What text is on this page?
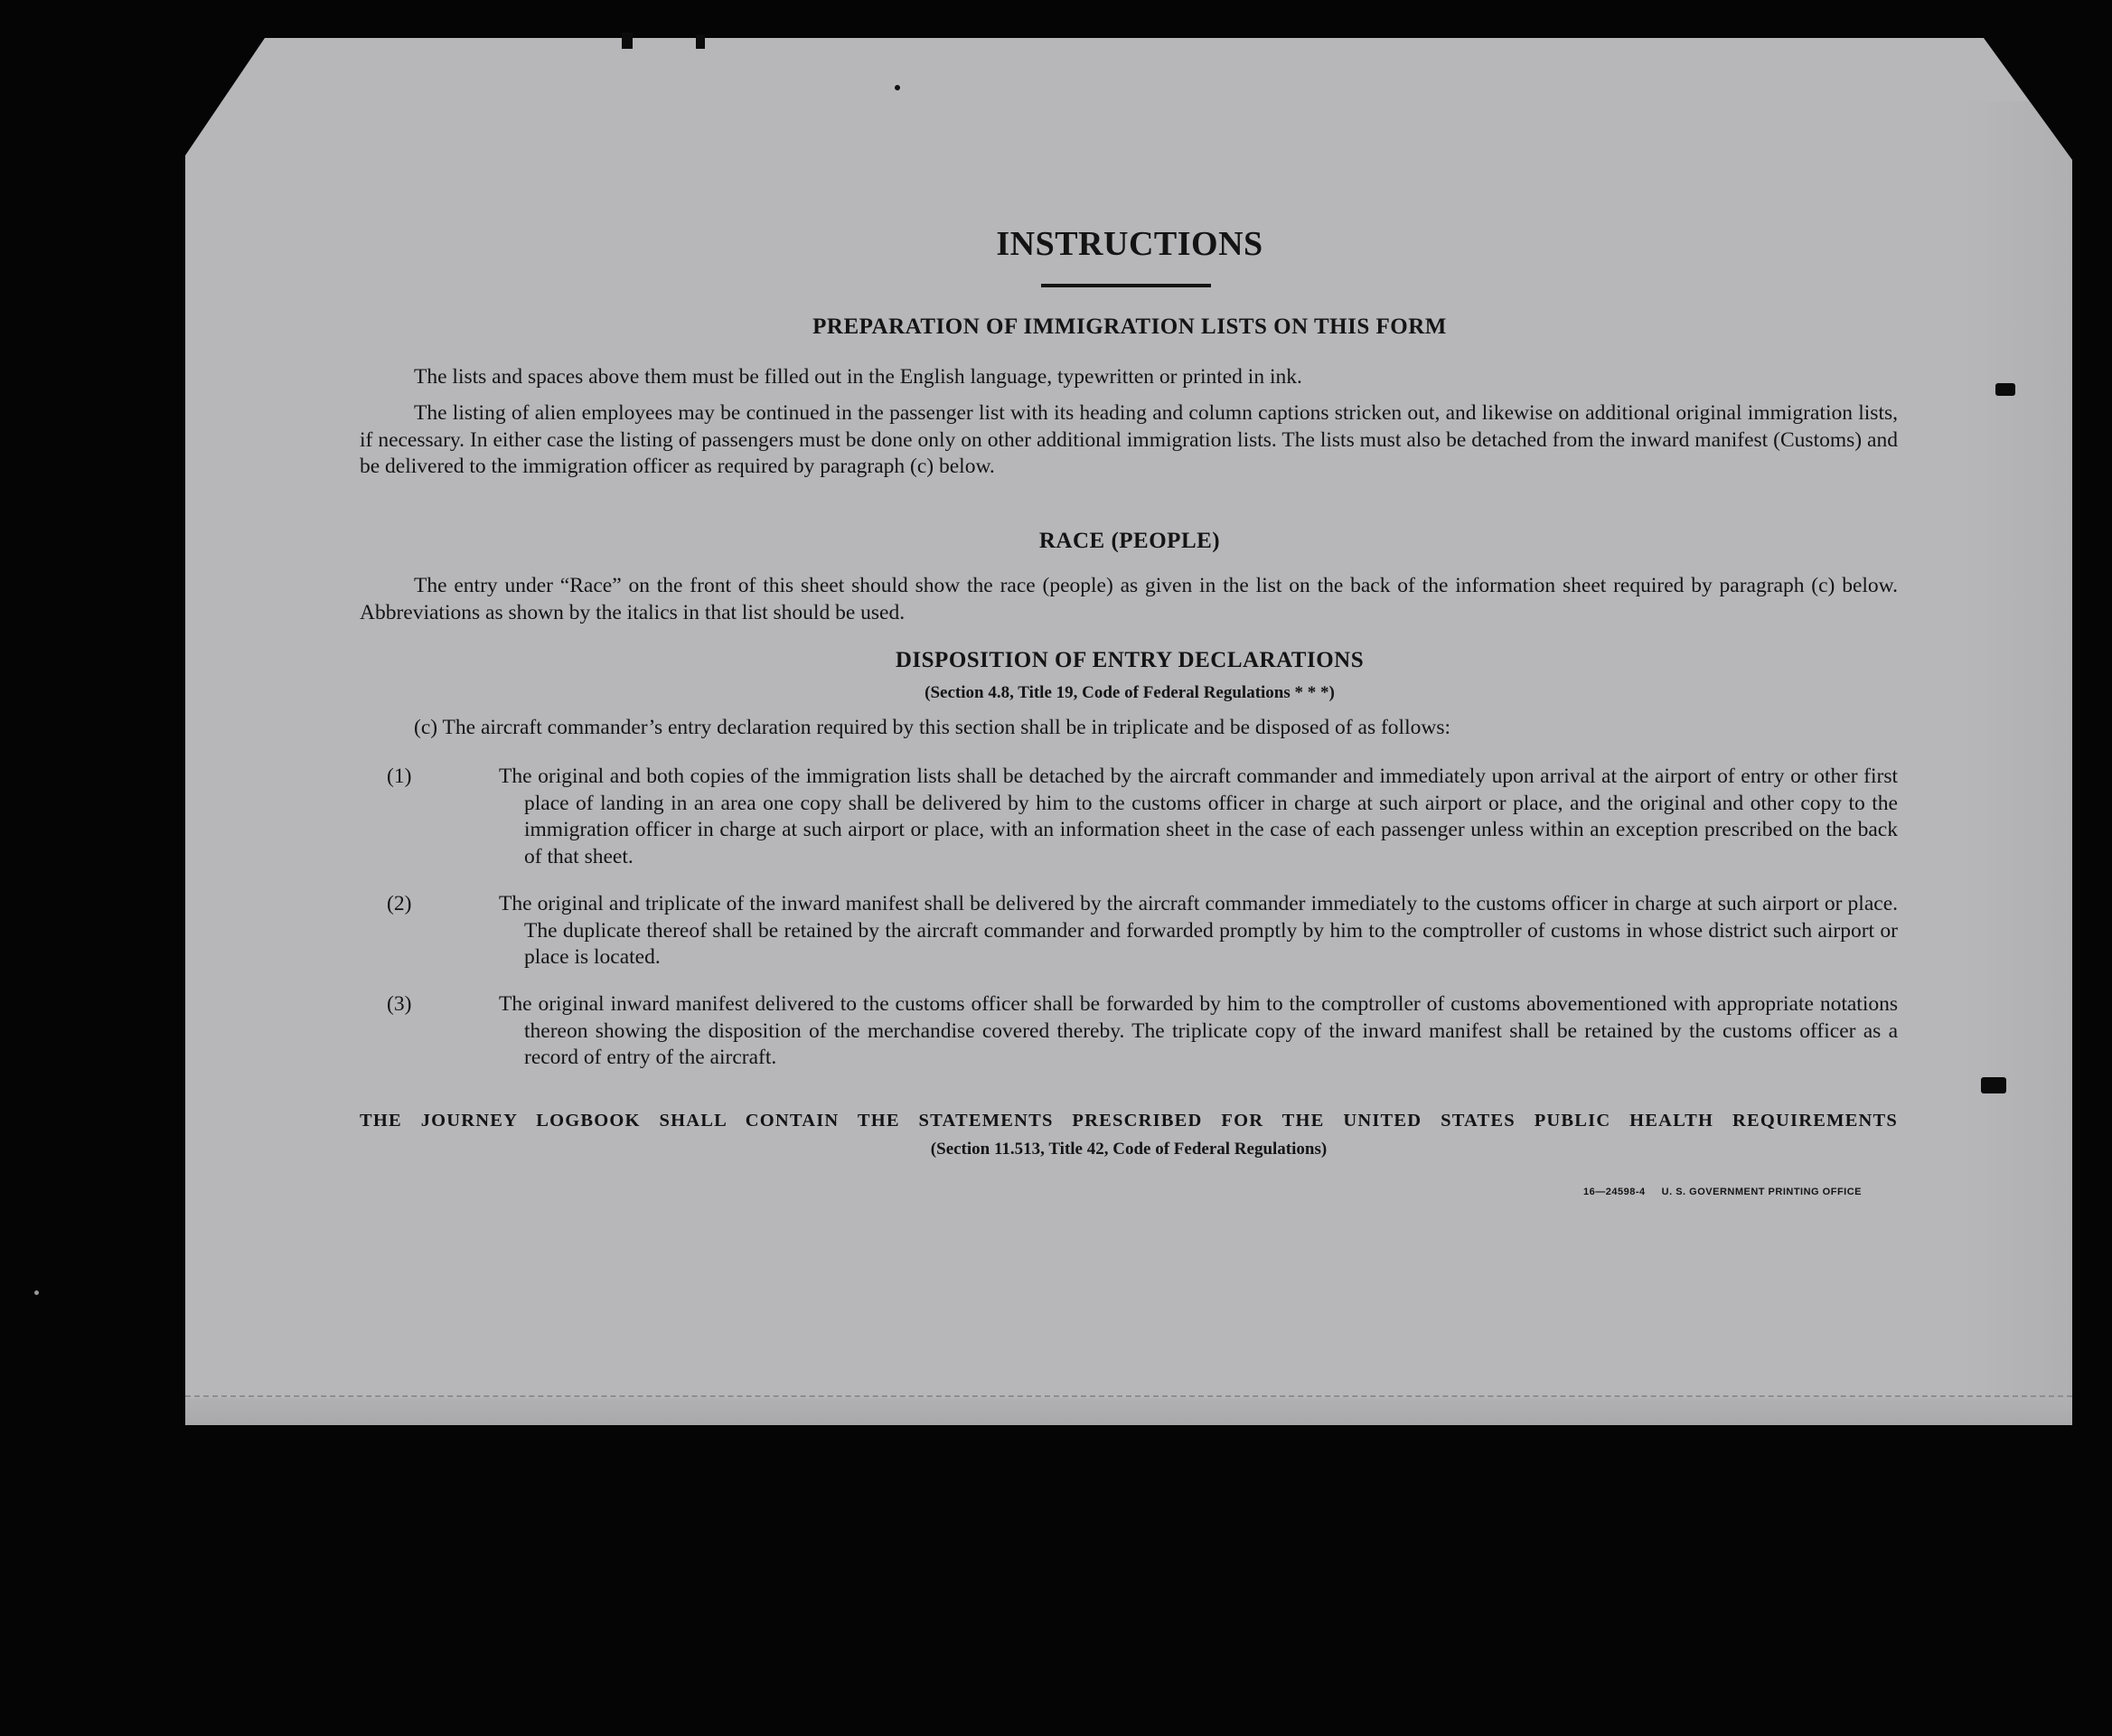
INSTRUCTIONS
PREPARATION OF IMMIGRATION LISTS ON THIS FORM
The lists and spaces above them must be filled out in the English language, typewritten or printed in ink.
The listing of alien employees may be continued in the passenger list with its heading and column captions stricken out, and likewise on additional original immigration lists, if necessary. In either case the listing of passengers must be done only on other additional immigration lists. The lists must also be detached from the inward manifest (Customs) and be delivered to the immigration officer as required by paragraph (c) below.
RACE (PEOPLE)
The entry under “Race” on the front of this sheet should show the race (people) as given in the list on the back of the information sheet required by paragraph (c) below. Abbreviations as shown by the italics in that list should be used.
DISPOSITION OF ENTRY DECLARATIONS
(Section 4.8, Title 19, Code of Federal Regulations * * *)
(c) The aircraft commander’s entry declaration required by this section shall be in triplicate and be disposed of as follows:
(1)	The original and both copies of the immigration lists shall be detached by the aircraft commander and immediately upon arrival at the airport of entry or other first place of landing in an area one copy shall be delivered by him to the customs officer in charge at such airport or place, and the original and other copy to the immigration officer in charge at such airport or place, with an information sheet in the case of each passenger unless within an exception prescribed on the back of that sheet.
(2)	The original and triplicate of the inward manifest shall be delivered by the aircraft commander immediately to the customs officer in charge at such airport or place. The duplicate thereof shall be retained by the aircraft commander and forwarded promptly by him to the comptroller of customs in whose district such airport or place is located.
(3)	The original inward manifest delivered to the customs officer shall be forwarded by him to the comptroller of customs abovementioned with appropriate notations thereon showing the disposition of the merchandise covered thereby. The triplicate copy of the inward manifest shall be retained by the customs officer as a record of entry of the aircraft.
THE JOURNEY LOGBOOK SHALL CONTAIN THE STATEMENTS PRESCRIBED FOR THE UNITED STATES PUBLIC HEALTH REQUIREMENTS
(Section 11.513, Title 42, Code of Federal Regulations)
16—24598-4 U. S. GOVERNMENT PRINTING OFFICE
